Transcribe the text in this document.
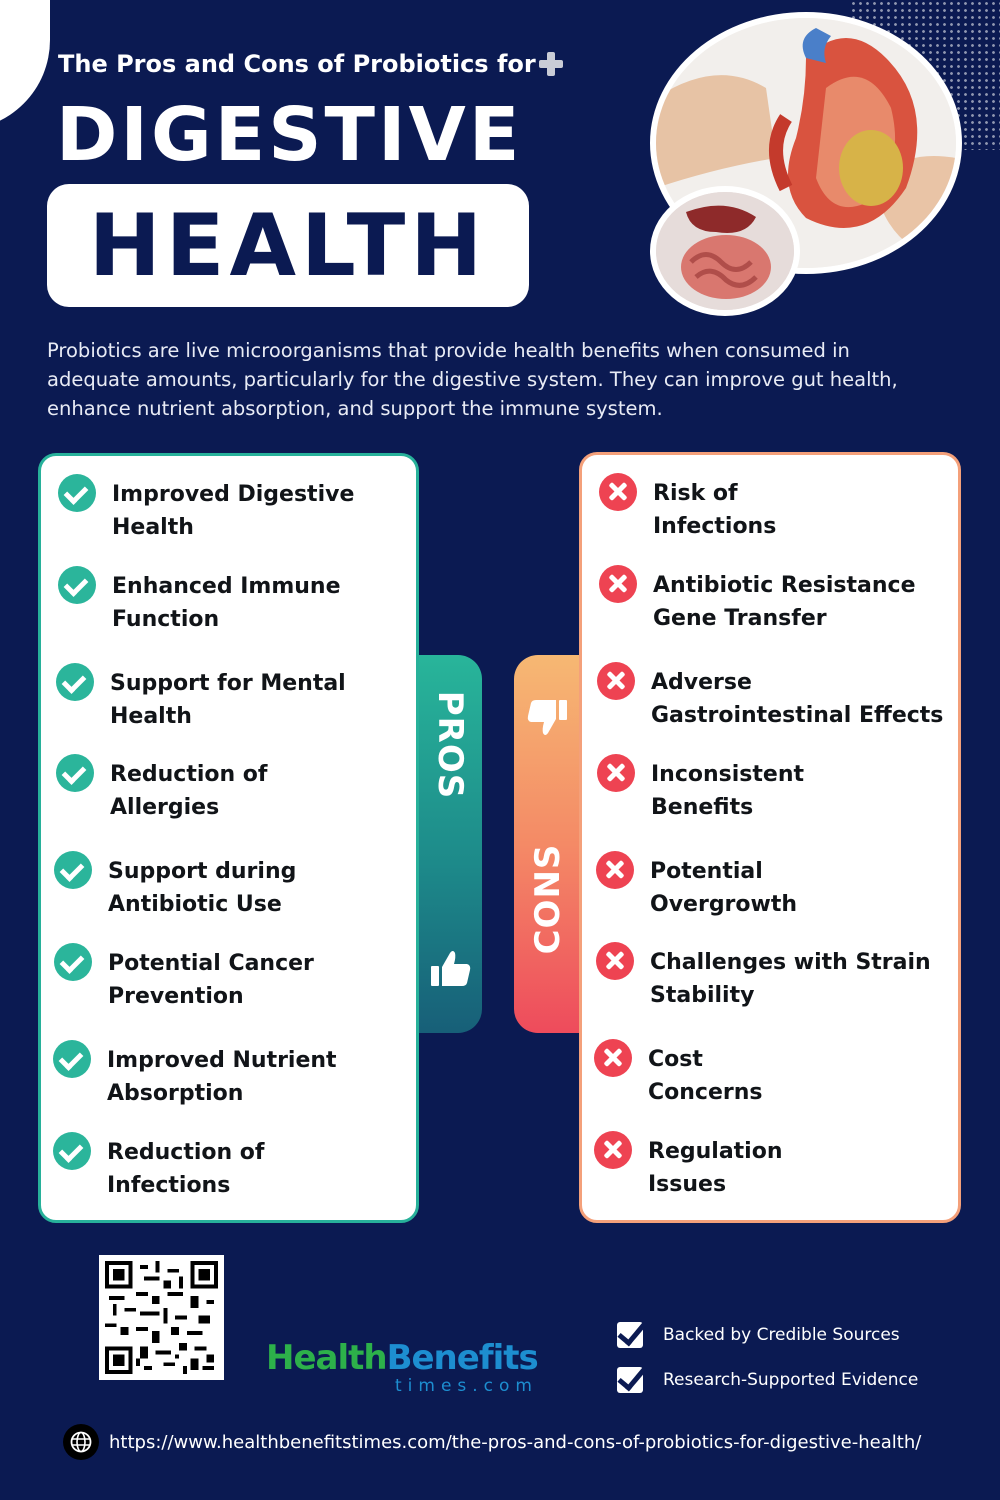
The Pros and Cons of Probiotics for
DIGESTIVE
HEALTH

Probiotics are live microorganisms that provide health benefits when consumed in adequate amounts, particularly for the digestive system. They can improve gut health, enhance nutrient absorption, and support the immune system.

Improved Digestive
Health
Enhanced Immune
Function
Support for Mental
Health
Reduction of
Allergies
Support during
Antibiotic Use
Potential Cancer
Prevention
Improved Nutrient
Absorption
Reduction of
Infections
PROS
CONS
Risk of
Infections
Antibiotic Resistance
Gene Transfer
Adverse
Gastrointestinal Effects
Inconsistent
Benefits
Potential
Overgrowth
Challenges with Strain
Stability
Cost
Concerns
Regulation
Issues
HealthBenefits
times.com
Backed by Credible Sources
Research-Supported Evidence
https://www.healthbenefitstimes.com/the-pros-and-cons-of-probiotics-for-digestive-health/
